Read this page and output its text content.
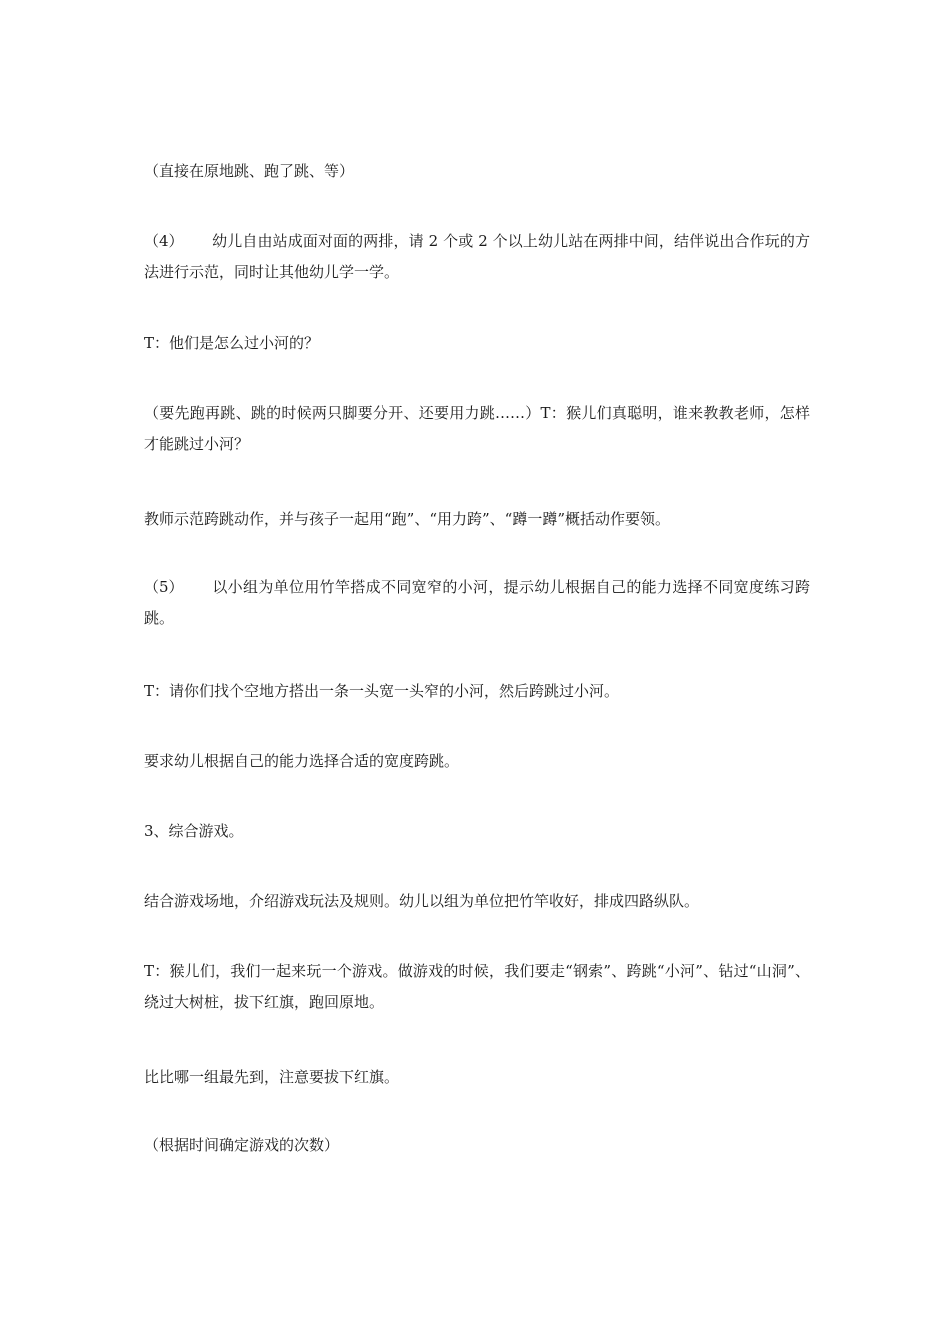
（直接在原地跳、跑了跳、等）

（4） 幼儿自由站成面对面的两排，请 2 个或 2 个以上幼儿站在两排中间，结伴说出合作玩的方法进行示范，同时让其他幼儿学一学。

T：他们是怎么过小河的？

（要先跑再跳、跳的时候两只脚要分开、还要用力跳……）T：猴儿们真聪明，谁来教教老师，怎样才能跳过小河？

教师示范跨跳动作，并与孩子一起用“跑”、“用力跨”、“蹲一蹲”概括动作要领。

（5） 以小组为单位用竹竿搭成不同宽窄的小河，提示幼儿根据自己的能力选择不同宽度练习跨跳。

T：请你们找个空地方搭出一条一头宽一头窄的小河，然后跨跳过小河。

要求幼儿根据自己的能力选择合适的宽度跨跳。

3、综合游戏。

结合游戏场地，介绍游戏玩法及规则。幼儿以组为单位把竹竿收好，排成四路纵队。

T：猴儿们，我们一起来玩一个游戏。做游戏的时候，我们要走“钢索”、跨跳“小河”、钻过“山洞”、绕过大树桩，拔下红旗，跑回原地。

比比哪一组最先到，注意要拔下红旗。

（根据时间确定游戏的次数）
